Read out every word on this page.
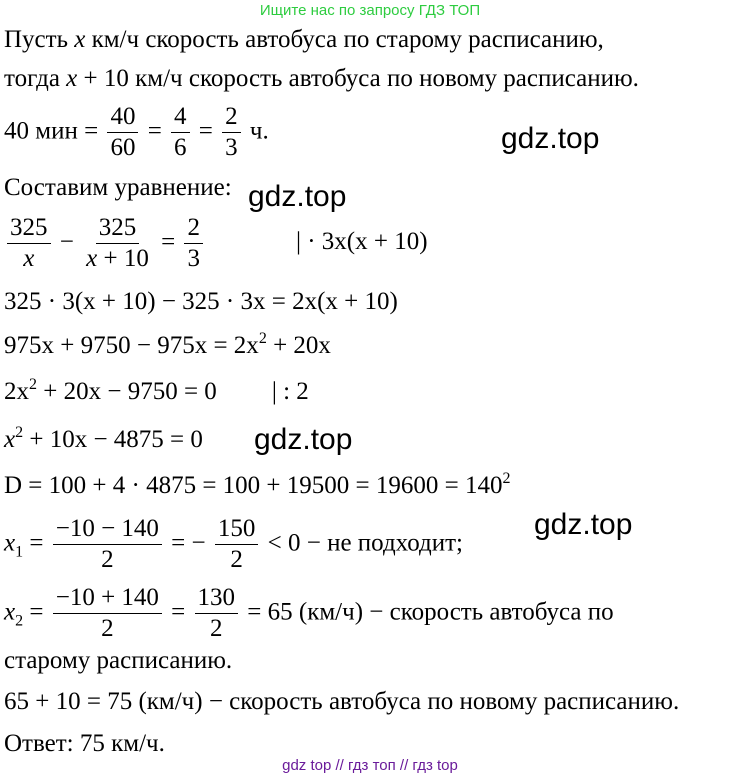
Ищите нас по запросу ГДЗ ТОП
Пусть x км/ч скорость автобуса по старому расписанию,
тогда x + 10 км/ч скорость автобуса по новому расписанию.
40 мин = $\frac{40}{60} = \frac{4}{6} = \frac{2}{3} ч$.
Составим уравнение:
$\frac{325}{x} - \frac{325}{x + 10} = \frac{2}{3}$	| · 3x(x + 10)
325 · 3(x + 10) − 325 · 3x = 2x(x + 10)
$975x + 9750 - 975x = 2x^2 + 20x$
$2x^2 + 20x - 9750 = 0$ | : 2
$x^2 + 10x - 4875 = 0$
$D = 100 + 4 \cdot 4875 = 100 + 19500 = 19600 = 140^2$
$x_1 = \frac{-10 - 140}{2}$ = − $\frac{150}{2} < 0$ − не подходит;
$x_2 = \frac{-10 + 140}{2} = \frac{130}{2} = 65$ (км/ч) − скорость автобуса по
старому расписанию.
65 + 10 = 75 (км/ч) − скорость автобуса по новому расписанию.
Ответ: 75 км/ч.
gdz.top
gdz.top
gdz.top
gdz.top
gdz top // гдз топ // гдз top
